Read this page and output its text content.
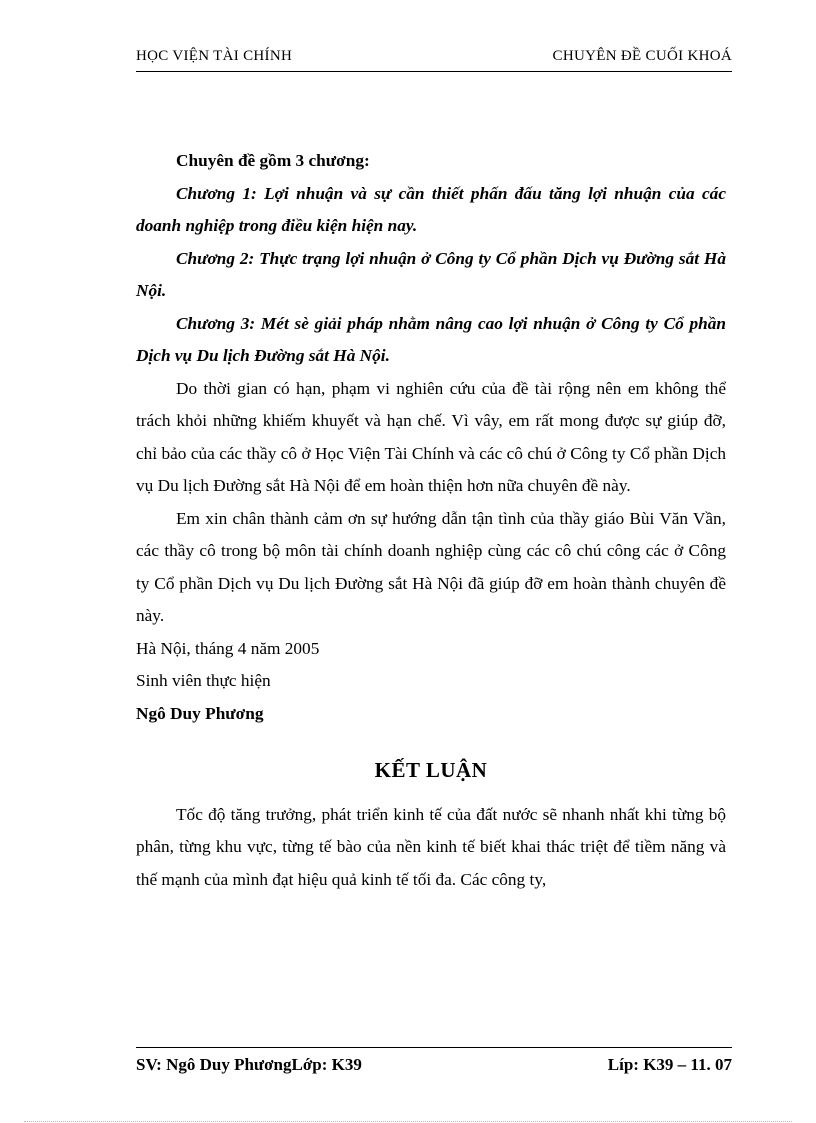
HỌC VIỆN TÀI CHÍNH	CHUYÊN ĐỀ CUỐI KHOÁ

Chuyên đề gồm 3 chương:

Chương 1: Lợi nhuận và sự cần thiết phấn đấu tăng lợi nhuận của các doanh nghiệp trong điều kiện hiện nay.

Chương 2: Thực trạng lợi nhuận ở Công ty Cổ phần Dịch vụ Đường sắt Hà Nội.

Chương 3: Mét sè giải pháp nhằm nâng cao lợi nhuận ở Công ty Cổ phần Dịch vụ Du lịch Đường sắt Hà Nội.

Do thời gian có hạn, phạm vi nghiên cứu của đề tài rộng nên em không thể trách khỏi những khiếm khuyết và hạn chế. Vì vây, em rất mong được sự giúp đỡ, chỉ bảo của các thầy cô ở Học Viện Tài Chính và các cô chú ở Công ty Cổ phần Dịch vụ Du lịch Đường sắt Hà Nội để em hoàn thiện hơn nữa chuyên đề này.

Em xin chân thành cảm ơn sự hướng dẫn tận tình của thầy giáo Bùi Văn Vần, các thầy cô trong bộ môn tài chính doanh nghiệp cùng các cô chú công các ở Công ty Cổ phần Dịch vụ Du lịch Đường sắt Hà Nội đã giúp đỡ em hoàn thành chuyên đề này.

Hà Nội, tháng 4 năm 2005

Sinh viên thực hiện

Ngô Duy Phương

KẾT LUẬN

Tốc độ tăng trưởng, phát triển kinh tế của đất nước sẽ nhanh nhất khi từng bộ phân, từng khu vực, từng tế bào của nền kinh tế biết khai thác triệt để tiềm năng và thế mạnh của mình đạt hiệu quả kinh tế tối đa. Các công ty,

SV: Ngô Duy PhươngLớp: K39	Líp: K39 – 11. 07
